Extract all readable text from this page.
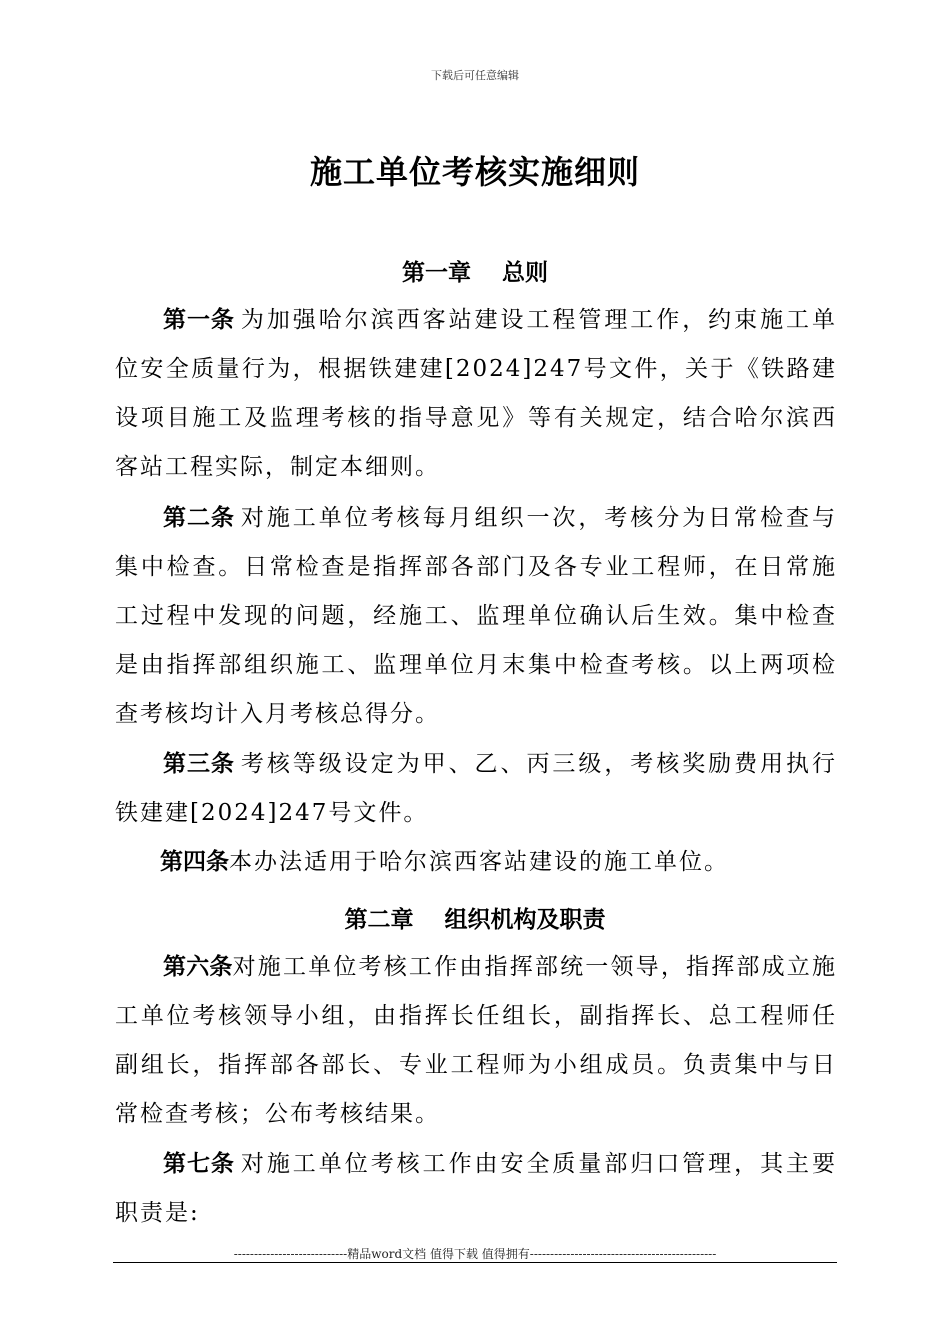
下载后可任意编辑
施工单位考核实施细则
第一章　 总则

第一条 为加强哈尔滨西客站建设工程管理工作，约束施工单位安全质量行为，根据铁建建[2024]247号文件，关于《铁路建设项目施工及监理考核的指导意见》等有关规定，结合哈尔滨西客站工程实际，制定本细则。

第二条 对施工单位考核每月组织一次，考核分为日常检查与集中检查。日常检查是指挥部各部门及各专业工程师，在日常施工过程中发现的问题，经施工、监理单位确认后生效。集中检查是由指挥部组织施工、监理单位月末集中检查考核。以上两项检查考核均计入月考核总得分。

第三条 考核等级设定为甲、乙、丙三级，考核奖励费用执行铁建建[2024]247号文件。

第四条本办法适用于哈尔滨西客站建设的施工单位。

第二章　 组织机构及职责

第六条对施工单位考核工作由指挥部统一领导，指挥部成立施工单位考核领导小组，由指挥长任组长，副指挥长、总工程师任副组长，指挥部各部长、专业工程师为小组成员。负责集中与日常检查考核；公布考核结果。

第七条 对施工单位考核工作由安全质量部归口管理，其主要职责是:

----------------------------精品word文档 值得下载 值得拥有----------------------------------------------
